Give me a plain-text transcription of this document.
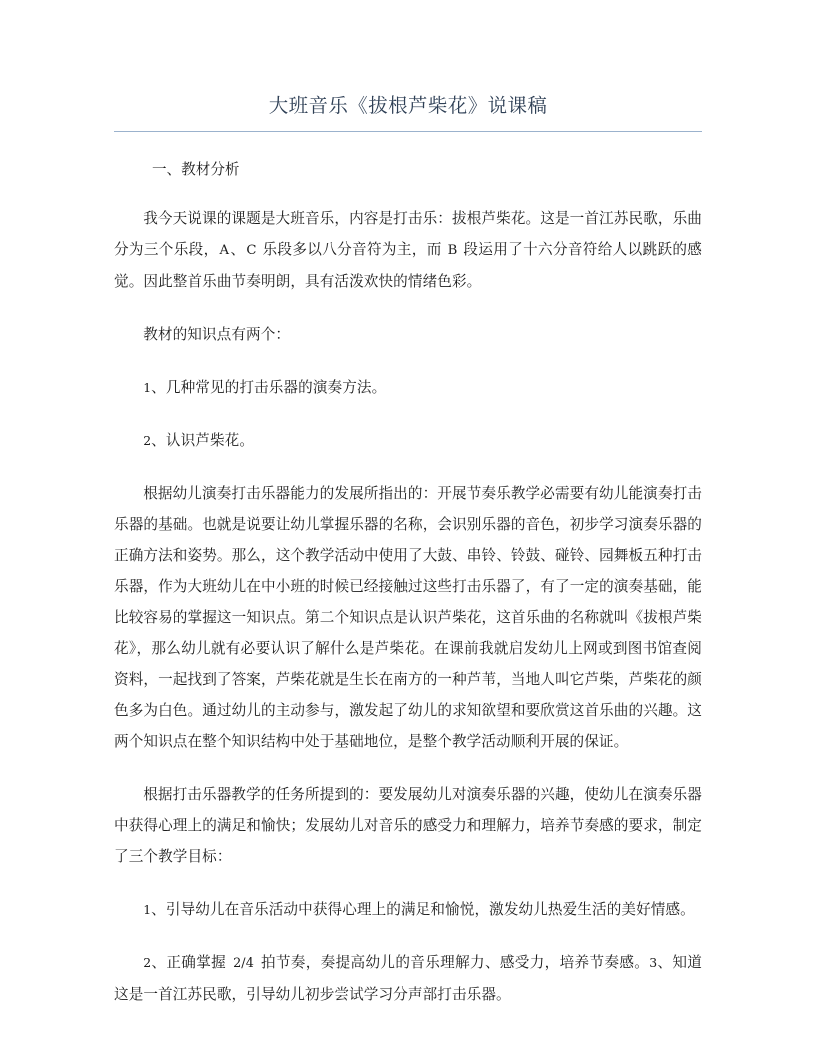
大班音乐《拔根芦柴花》说课稿

一、教材分析

我今天说课的课题是大班音乐，内容是打击乐：拔根芦柴花。这是一首江苏民歌，乐曲分为三个乐段，A、C 乐段多以八分音符为主，而 B 段运用了十六分音符给人以跳跃的感觉。因此整首乐曲节奏明朗，具有活泼欢快的情绪色彩。

教材的知识点有两个：

1、几种常见的打击乐器的演奏方法。

2、认识芦柴花。

根据幼儿演奏打击乐器能力的发展所指出的：开展节奏乐教学必需要有幼儿能演奏打击乐器的基础。也就是说要让幼儿掌握乐器的名称，会识别乐器的音色，初步学习演奏乐器的正确方法和姿势。那么，这个教学活动中使用了大鼓、串铃、铃鼓、碰铃、园舞板五种打击乐器，作为大班幼儿在中小班的时候已经接触过这些打击乐器了，有了一定的演奏基础，能比较容易的掌握这一知识点。第二个知识点是认识芦柴花，这首乐曲的名称就叫《拔根芦柴花》，那么幼儿就有必要认识了解什么是芦柴花。在课前我就启发幼儿上网或到图书馆查阅资料，一起找到了答案，芦柴花就是生长在南方的一种芦苇，当地人叫它芦柴，芦柴花的颜色多为白色。通过幼儿的主动参与，激发起了幼儿的求知欲望和要欣赏这首乐曲的兴趣。这两个知识点在整个知识结构中处于基础地位，是整个教学活动顺利开展的保证。

根据打击乐器教学的任务所提到的：要发展幼儿对演奏乐器的兴趣，使幼儿在演奏乐器中获得心理上的满足和愉快；发展幼儿对音乐的感受力和理解力，培养节奏感的要求，制定了三个教学目标：

1、引导幼儿在音乐活动中获得心理上的满足和愉悦，激发幼儿热爱生活的美好情感。

2、正确掌握 2/4 拍节奏，奏提高幼儿的音乐理解力、感受力，培养节奏感。3、知道这是一首江苏民歌，引导幼儿初步尝试学习分声部打击乐器。
